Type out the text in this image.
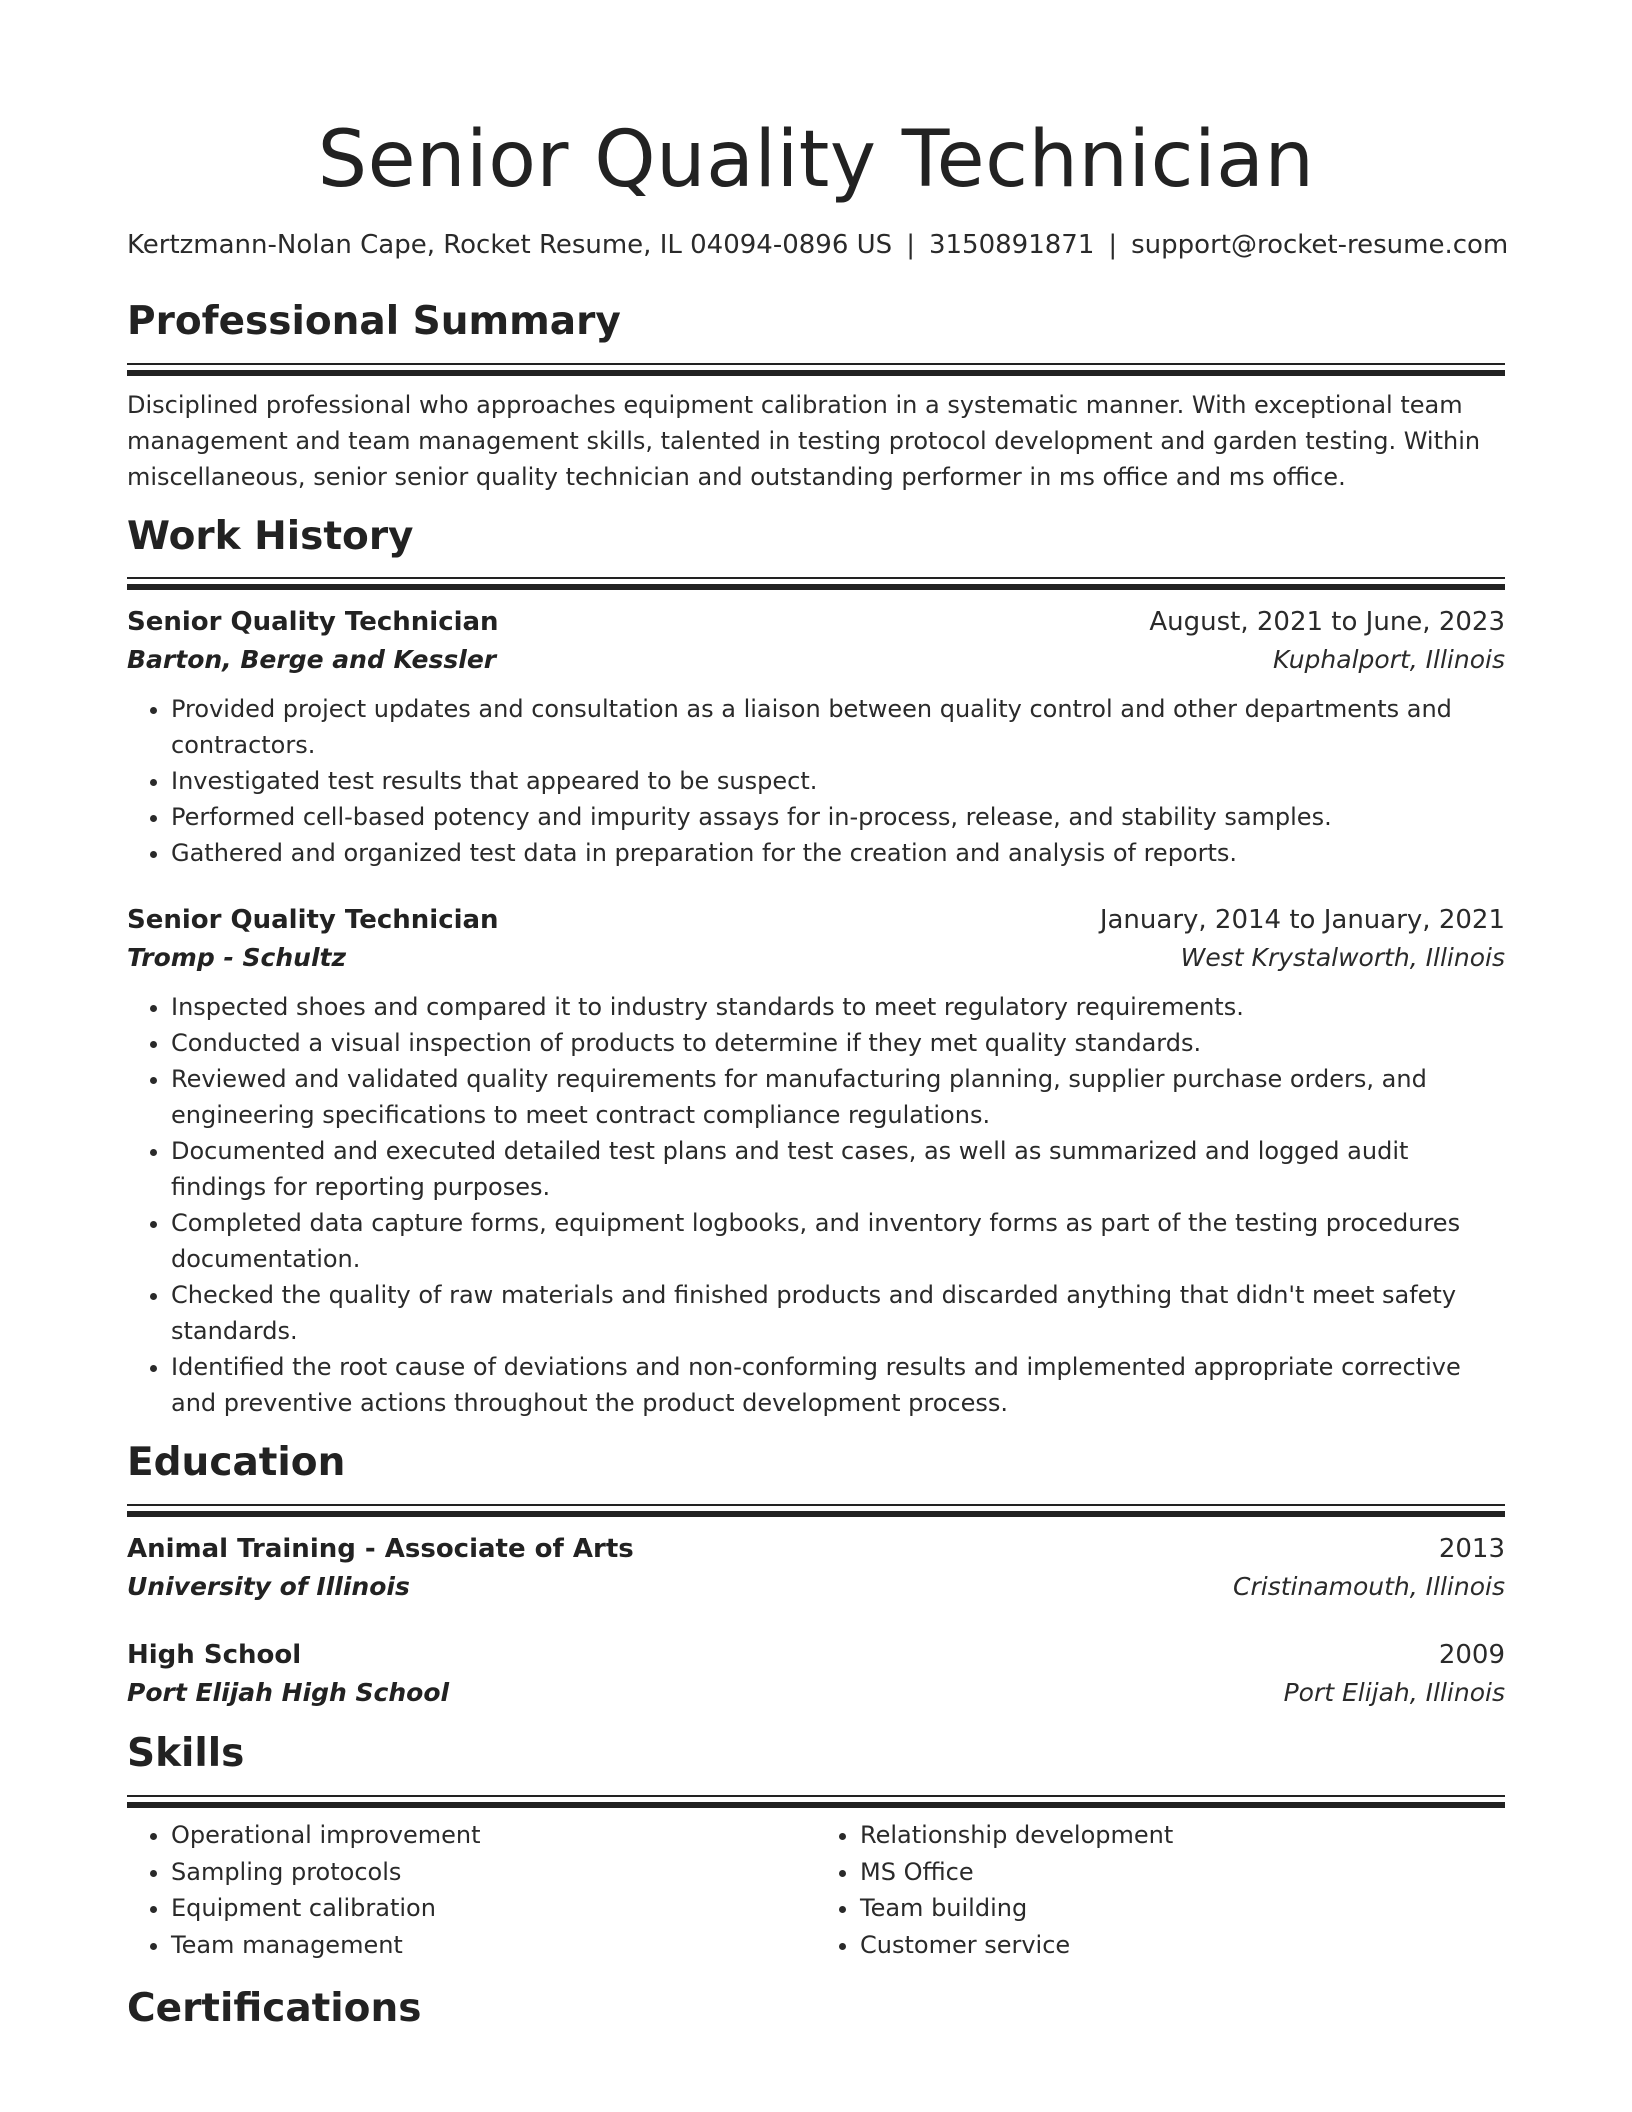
Senior Quality Technician
Kertzmann-Nolan Cape, Rocket Resume, IL 04094-0896 US | 3150891871 | support@rocket-resume.com
Professional Summary

Disciplined professional who approaches equipment calibration in a systematic manner. With exceptional team management and team management skills, talented in testing protocol development and garden testing. Within miscellaneous, senior senior quality technician and outstanding performer in ms office and ms office.

Work History
Senior Quality Technician	August, 2021 to June, 2023
Barton, Berge and Kessler	Kuphalport, Illinois
• Provided project updates and consultation as a liaison between quality control and other departments and contractors.
• Investigated test results that appeared to be suspect.
• Performed cell-based potency and impurity assays for in-process, release, and stability samples.
• Gathered and organized test data in preparation for the creation and analysis of reports.
Senior Quality Technician	January, 2014 to January, 2021
Tromp - Schultz	West Krystalworth, Illinois
• Inspected shoes and compared it to industry standards to meet regulatory requirements.
• Conducted a visual inspection of products to determine if they met quality standards.
• Reviewed and validated quality requirements for manufacturing planning, supplier purchase orders, and engineering specifications to meet contract compliance regulations.
• Documented and executed detailed test plans and test cases, as well as summarized and logged audit findings for reporting purposes.
• Completed data capture forms, equipment logbooks, and inventory forms as part of the testing procedures documentation.
• Checked the quality of raw materials and finished products and discarded anything that didn't meet safety standards.
• Identified the root cause of deviations and non-conforming results and implemented appropriate corrective and preventive actions throughout the product development process.
Education
Animal Training - Associate of Arts	2013
University of Illinois	Cristinamouth, Illinois
High School	2009
Port Elijah High School	Port Elijah, Illinois
Skills
• Operational improvement
• Sampling protocols
• Equipment calibration
• Team management
• Relationship development
• MS Office
• Team building
• Customer service
Certifications
